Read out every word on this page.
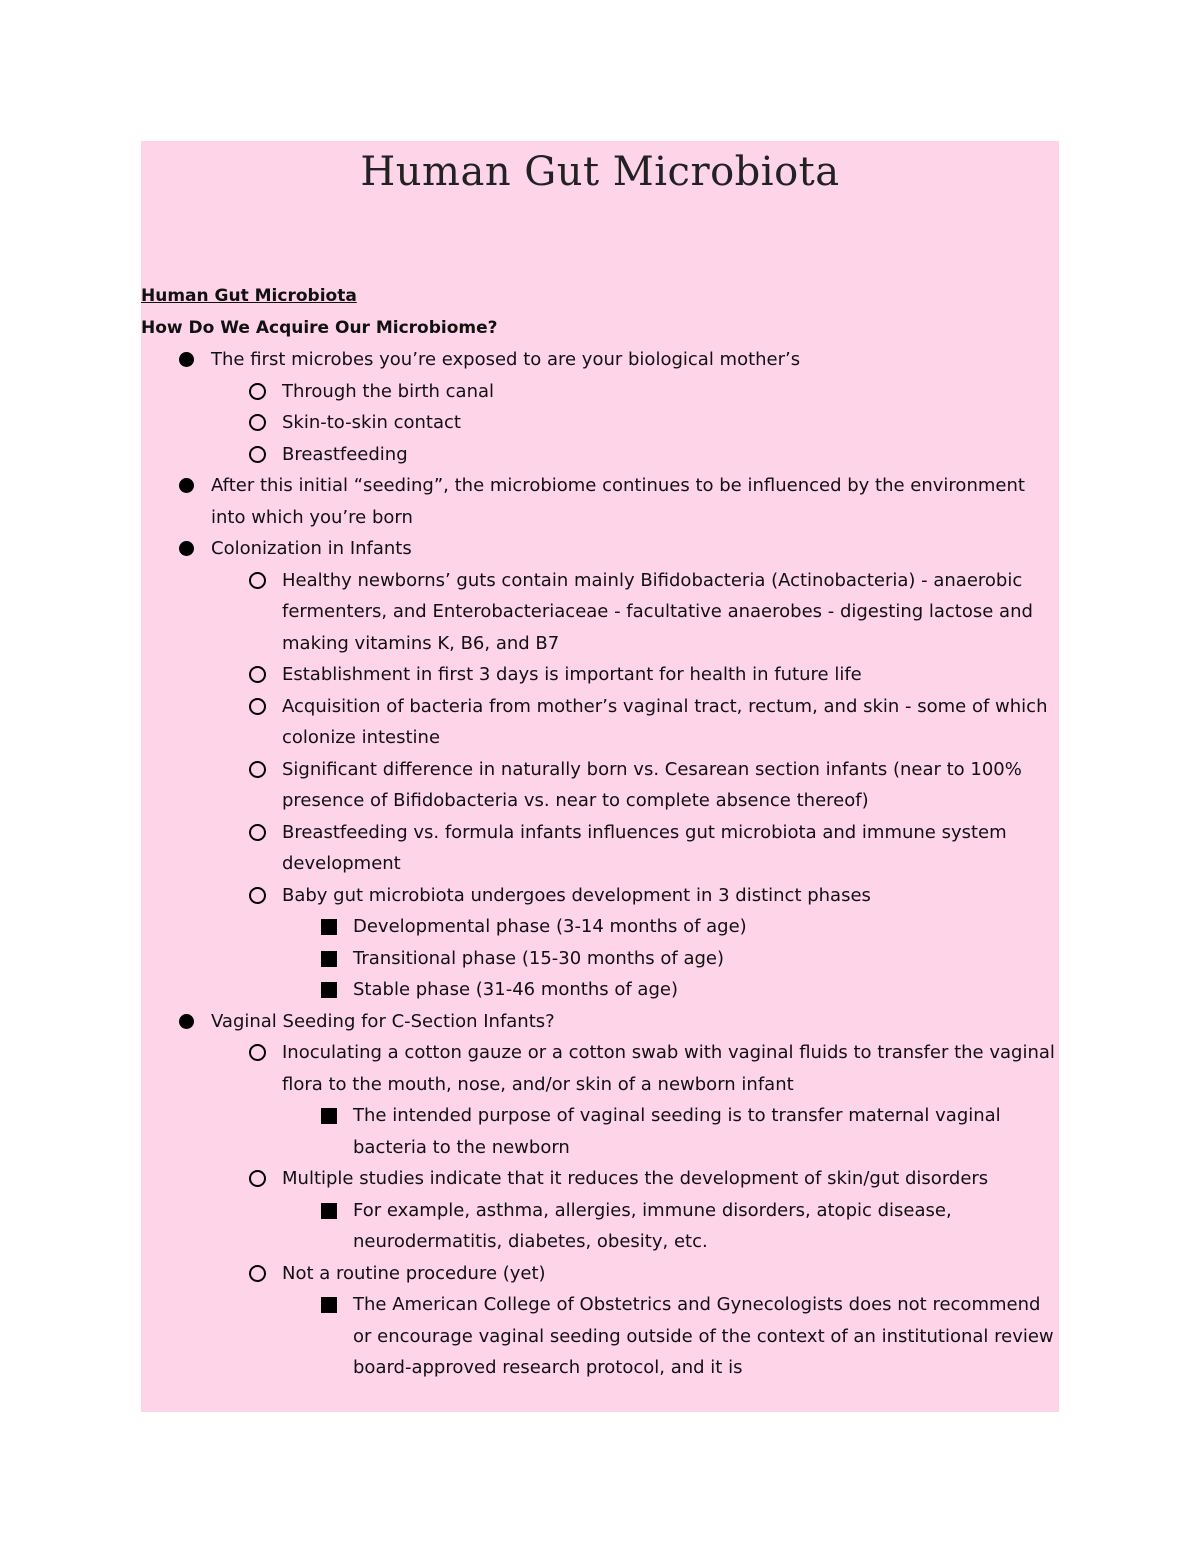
Human Gut Microbiota

Human Gut Microbiota

How Do We Acquire Our Microbiome?

The first microbes you’re exposed to are your biological mother’s
Through the birth canal
Skin-to-skin contact
Breastfeeding
After this initial “seeding”, the microbiome continues to be influenced by the environment into which you’re born
Colonization in Infants
Healthy newborns’ guts contain mainly Bifidobacteria (Actinobacteria) - anaerobic fermenters, and Enterobacteriaceae - facultative anaerobes - digesting lactose and making vitamins K, B6, and B7
Establishment in first 3 days is important for health in future life
Acquisition of bacteria from mother’s vaginal tract, rectum, and skin - some of which colonize intestine
Significant difference in naturally born vs. Cesarean section infants (near to 100% presence of Bifidobacteria vs. near to complete absence thereof)
Breastfeeding vs. formula infants influences gut microbiota and immune system development
Baby gut microbiota undergoes development in 3 distinct phases
Developmental phase (3-14 months of age)
Transitional phase (15-30 months of age)
Stable phase (31-46 months of age)
Vaginal Seeding for C-Section Infants?
Inoculating a cotton gauze or a cotton swab with vaginal fluids to transfer the vaginal flora to the mouth, nose, and/or skin of a newborn infant
The intended purpose of vaginal seeding is to transfer maternal vaginal bacteria to the newborn
Multiple studies indicate that it reduces the development of skin/gut disorders
For example, asthma, allergies, immune disorders, atopic disease, neurodermatitis, diabetes, obesity, etc.
Not a routine procedure (yet)
The American College of Obstetrics and Gynecologists does not recommend or encourage vaginal seeding outside of the context of an institutional review board-approved research protocol, and it is
